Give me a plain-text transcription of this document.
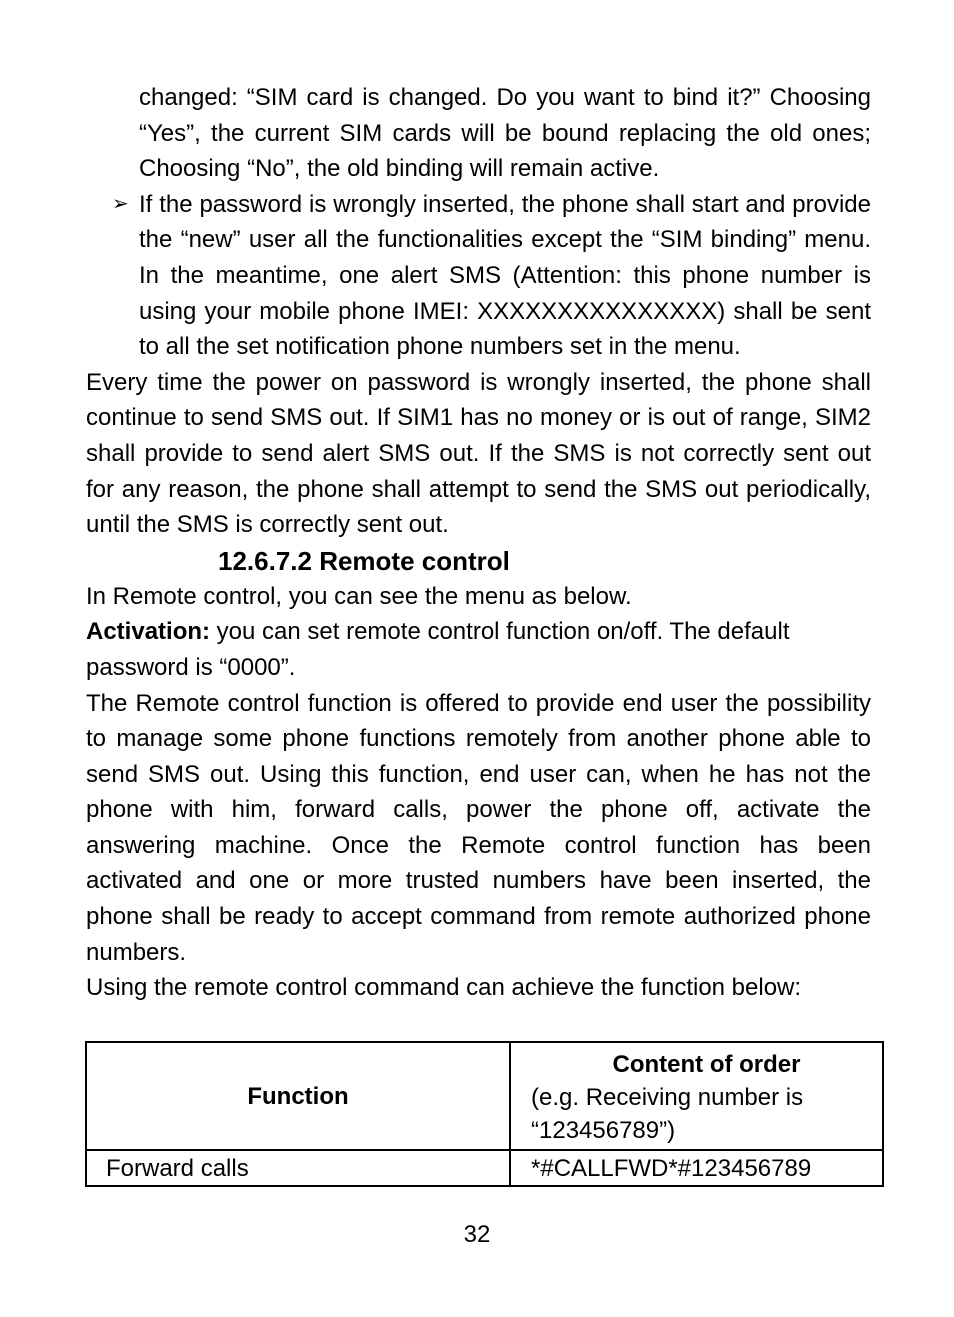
changed: “SIM card is changed. Do you want to bind it?” Choosing “Yes”, the current SIM cards will be bound replacing the old ones; Choosing “No”, the old binding will remain active.
➢ If the password is wrongly inserted, the phone shall start and provide the “new” user all the functionalities except the “SIM binding” menu. In the meantime, one alert SMS (Attention: this phone number is using your mobile phone IMEI: XXXXXXXXXXXXXXX) shall be sent to all the set notification phone numbers set in the menu.
Every time the power on password is wrongly inserted, the phone shall continue to send SMS out. If SIM1 has no money or is out of range, SIM2 shall provide to send alert SMS out. If the SMS is not correctly sent out for any reason, the phone shall attempt to send the SMS out periodically, until the SMS is correctly sent out.
12.6.7.2 Remote control
In Remote control, you can see the menu as below.
Activation: you can set remote control function on/off. The default password is “0000”.
The Remote control function is offered to provide end user the possibility to manage some phone functions remotely from another phone able to send SMS out. Using this function, end user can, when he has not the phone with him, forward calls, power the phone off, activate the answering machine. Once the Remote control function has been activated and one or more trusted numbers have been inserted, the phone shall be ready to accept command from remote authorized phone numbers.
Using the remote control command can achieve the function below:
Function	Content of order
(e.g. Receiving number is “123456789”)

Forward calls	*#CALLFWD*#123456789
32
